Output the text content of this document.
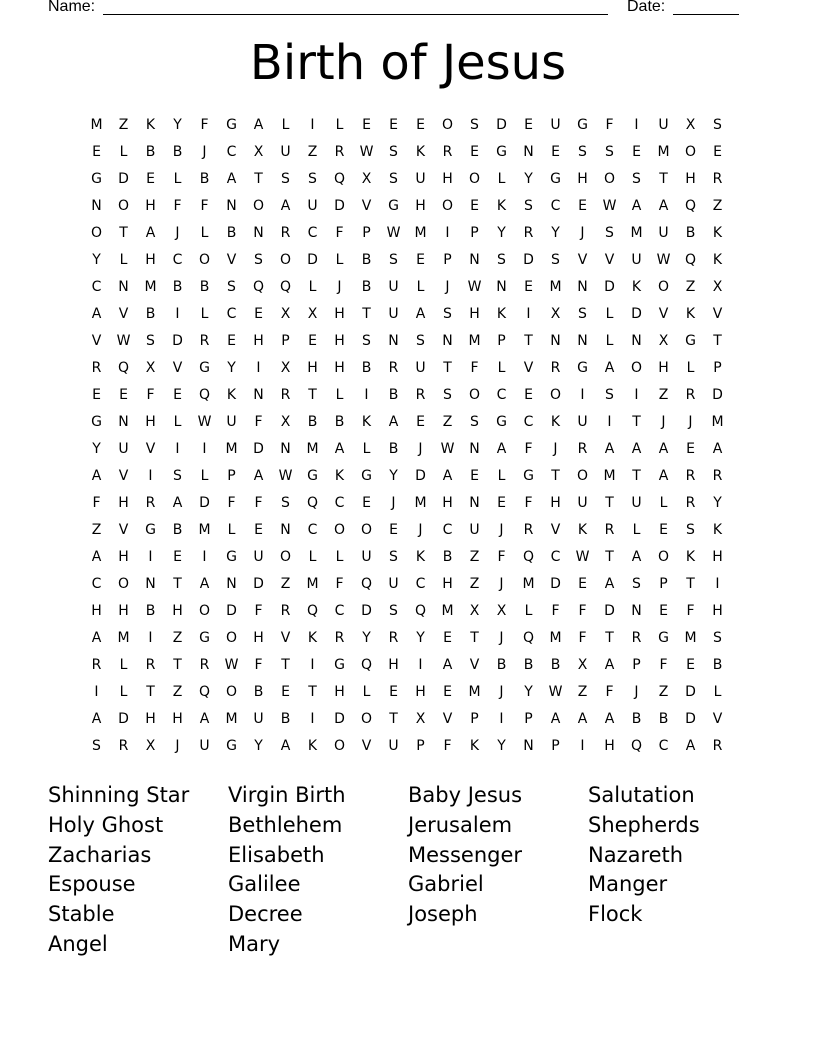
Name:	Date:
Birth of Jesus
M	Z	K	Y	F	G	A	L	I	L	E	E	E	O	S	D	E	U	G	F	I	U	X	S
E	L	B	B	J	C	X	U	Z	R	W	S	K	R	E	G	N	E	S	S	E	M	O	E
G	D	E	L	B	A	T	S	S	Q	X	S	U	H	O	L	Y	G	H	O	S	T	H	R
N	O	H	F	F	N	O	A	U	D	V	G	H	O	E	K	S	C	E	W	A	A	Q	Z
O	T	A	J	L	B	N	R	C	F	P	W	M	I	P	Y	R	Y	J	S	M	U	B	K
Y	L	H	C	O	V	S	O	D	L	B	S	E	P	N	S	D	S	V	V	U	W	Q	K
C	N	M	B	B	S	Q	Q	L	J	B	U	L	J	W	N	E	M	N	D	K	O	Z	X
A	V	B	I	L	C	E	X	X	H	T	U	A	S	H	K	I	X	S	L	D	V	K	V
V	W	S	D	R	E	H	P	E	H	S	N	S	N	M	P	T	N	N	L	N	X	G	T
R	Q	X	V	G	Y	I	X	H	H	B	R	U	T	F	L	V	R	G	A	O	H	L	P
E	E	F	E	Q	K	N	R	T	L	I	B	R	S	O	C	E	O	I	S	I	Z	R	D
G	N	H	L	W	U	F	X	B	B	K	A	E	Z	S	G	C	K	U	I	T	J	J	M
Y	U	V	I	I	M	D	N	M	A	L	B	J	W	N	A	F	J	R	A	A	A	E	A
A	V	I	S	L	P	A	W	G	K	G	Y	D	A	E	L	G	T	O	M	T	A	R	R
F	H	R	A	D	F	F	S	Q	C	E	J	M	H	N	E	F	H	U	T	U	L	R	Y
Z	V	G	B	M	L	E	N	C	O	O	E	J	C	U	J	R	V	K	R	L	E	S	K
A	H	I	E	I	G	U	O	L	L	U	S	K	B	Z	F	Q	C	W	T	A	O	K	H
C	O	N	T	A	N	D	Z	M	F	Q	U	C	H	Z	J	M	D	E	A	S	P	T	I
H	H	B	H	O	D	F	R	Q	C	D	S	Q	M	X	X	L	F	F	D	N	E	F	H
A	M	I	Z	G	O	H	V	K	R	Y	R	Y	E	T	J	Q	M	F	T	R	G	M	S
R	L	R	T	R	W	F	T	I	G	Q	H	I	A	V	B	B	B	X	A	P	F	E	B
I	L	T	Z	Q	O	B	E	T	H	L	E	H	E	M	J	Y	W	Z	F	J	Z	D	L
A	D	H	H	A	M	U	B	I	D	O	T	X	V	P	I	P	A	A	A	B	B	D	V
S	R	X	J	U	G	Y	A	K	O	V	U	P	F	K	Y	N	P	I	H	Q	C	A	R
Shinning Star
Holy Ghost
Zacharias
Espouse
Stable
Angel
Virgin Birth
Bethlehem
Elisabeth
Galilee
Decree
Mary
Baby Jesus
Jerusalem
Messenger
Gabriel
Joseph
Salutation
Shepherds
Nazareth
Manger
Flock
